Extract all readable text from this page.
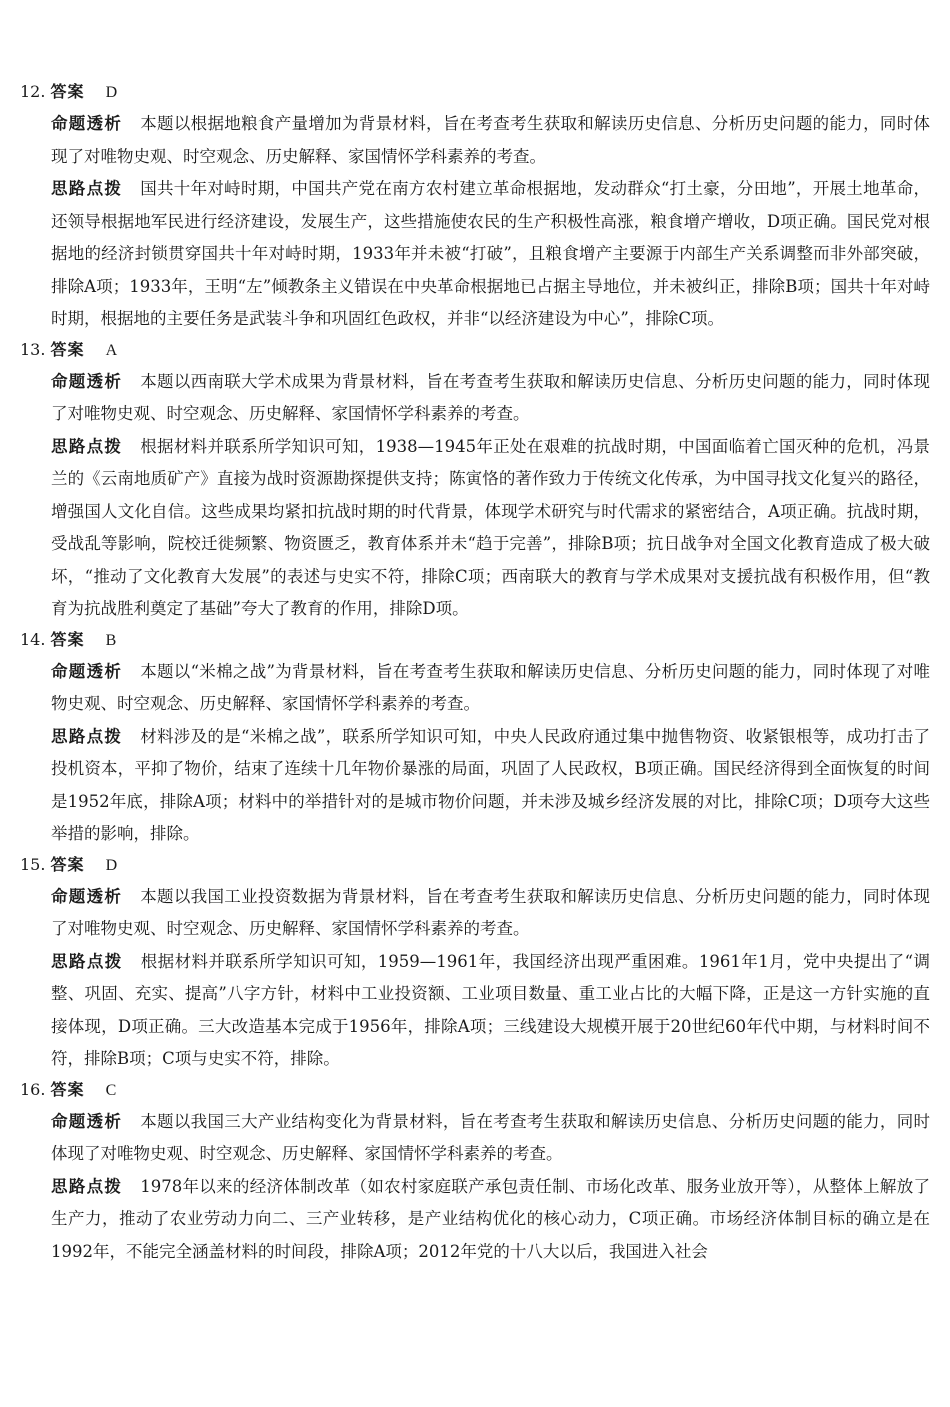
12. 答案 D
命题透析 本题以根据地粮食产量增加为背景材料，旨在考查考生获取和解读历史信息、分析历史问题的能力，同时体现了对唯物史观、时空观念、历史解释、家国情怀学科素养的考查。
思路点拨 国共十年对峙时期，中国共产党在南方农村建立革命根据地，发动群众“打土豪，分田地”，开展土地革命，还领导根据地军民进行经济建设，发展生产，这些措施使农民的生产积极性高涨，粮食增产增收，D项正确。国民党对根据地的经济封锁贯穿国共十年对峙时期，1933年并未被“打破”，且粮食增产主要源于内部生产关系调整而非外部突破，排除A项；1933年，王明“左”倾教条主义错误在中央革命根据地已占据主导地位，并未被纠正，排除B项；国共十年对峙时期，根据地的主要任务是武装斗争和巩固红色政权，并非“以经济建设为中心”，排除C项。
13. 答案 A
命题透析 本题以西南联大学术成果为背景材料，旨在考查考生获取和解读历史信息、分析历史问题的能力，同时体现了对唯物史观、时空观念、历史解释、家国情怀学科素养的考查。
思路点拨 根据材料并联系所学知识可知，1938—1945年正处在艰难的抗战时期，中国面临着亡国灭种的危机，冯景兰的《云南地质矿产》直接为战时资源勘探提供支持；陈寅恪的著作致力于传统文化传承，为中国寻找文化复兴的路径，增强国人文化自信。这些成果均紧扣抗战时期的时代背景，体现学术研究与时代需求的紧密结合，A项正确。抗战时期，受战乱等影响，院校迁徙频繁、物资匮乏，教育体系并未“趋于完善”，排除B项；抗日战争对全国文化教育造成了极大破坏，“推动了文化教育大发展”的表述与史实不符，排除C项；西南联大的教育与学术成果对支援抗战有积极作用，但“教育为抗战胜利奠定了基础”夸大了教育的作用，排除D项。
14. 答案 B
命题透析 本题以“米棉之战”为背景材料，旨在考查考生获取和解读历史信息、分析历史问题的能力，同时体现了对唯物史观、时空观念、历史解释、家国情怀学科素养的考查。
思路点拨 材料涉及的是“米棉之战”，联系所学知识可知，中央人民政府通过集中抛售物资、收紧银根等，成功打击了投机资本，平抑了物价，结束了连续十几年物价暴涨的局面，巩固了人民政权，B项正确。国民经济得到全面恢复的时间是1952年底，排除A项；材料中的举措针对的是城市物价问题，并未涉及城乡经济发展的对比，排除C项；D项夸大这些举措的影响，排除。
15. 答案 D
命题透析 本题以我国工业投资数据为背景材料，旨在考查考生获取和解读历史信息、分析历史问题的能力，同时体现了对唯物史观、时空观念、历史解释、家国情怀学科素养的考查。
思路点拨 根据材料并联系所学知识可知，1959—1961年，我国经济出现严重困难。1961年1月，党中央提出了“调整、巩固、充实、提高”八字方针，材料中工业投资额、工业项目数量、重工业占比的大幅下降，正是这一方针实施的直接体现，D项正确。三大改造基本完成于1956年，排除A项；三线建设大规模开展于20世纪60年代中期，与材料时间不符，排除B项；C项与史实不符，排除。
16. 答案 C
命题透析 本题以我国三大产业结构变化为背景材料，旨在考查考生获取和解读历史信息、分析历史问题的能力，同时体现了对唯物史观、时空观念、历史解释、家国情怀学科素养的考查。
思路点拨 1978年以来的经济体制改革（如农村家庭联产承包责任制、市场化改革、服务业放开等），从整体上解放了生产力，推动了农业劳动力向二、三产业转移，是产业结构优化的核心动力，C项正确。市场经济体制目标的确立是在1992年，不能完全涵盖材料的时间段，排除A项；2012年党的十八大以后，我国进入社会
